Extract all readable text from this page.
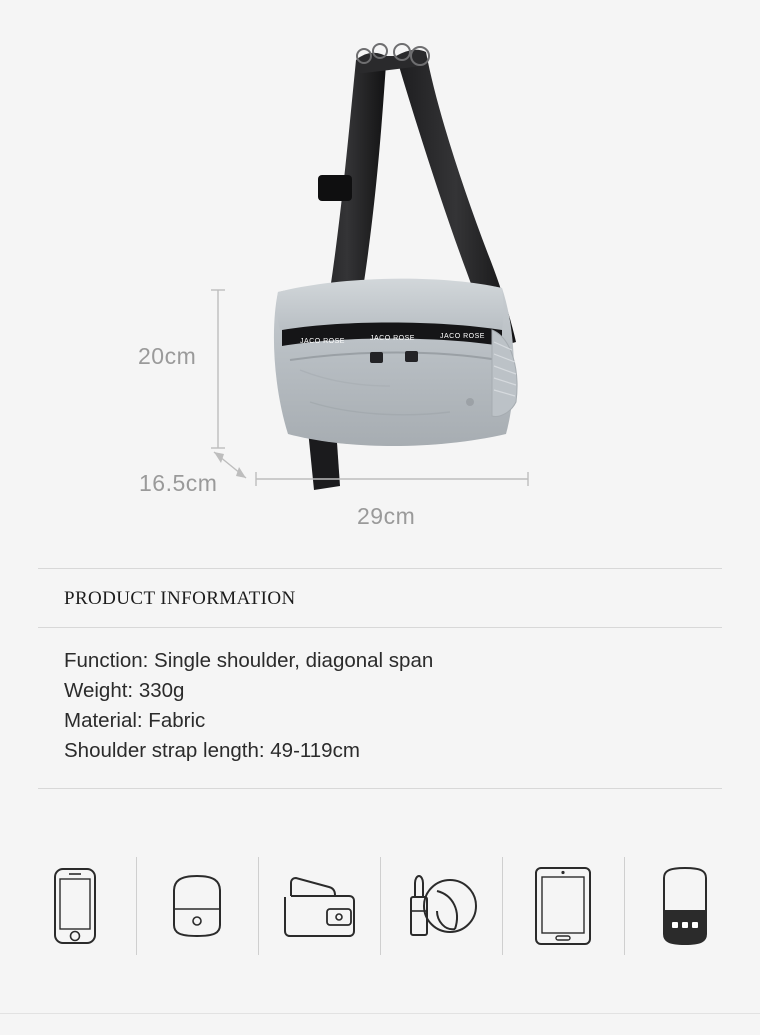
JACO ROSE	JACO ROSE	JACO ROSE
20cm
16.5cm
29cm
PRODUCT INFORMATION
Function: Single shoulder, diagonal span
Weight: 330g
Material: Fabric
Shoulder strap length: 49-119cm
